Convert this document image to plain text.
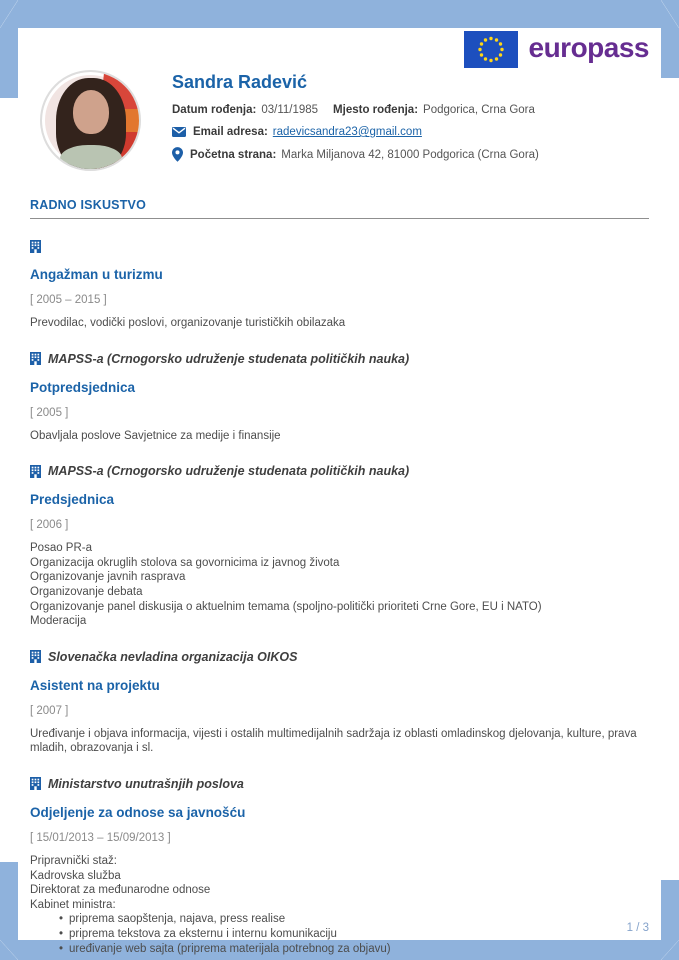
europass
Sandra Radević
Datum rođenja: 03/11/1985 Mjesto rođenja: Podgorica, Crna Gora
Email adresa: radevicsandra23@gmail.com
Početna strana: Marka Miljanova 42, 81000 Podgorica (Crna Gora)
RADNO ISKUSTVO
Angažman u turizmu
[ 2005 – 2015 ]
Prevodilac, vodički poslovi, organizovanje turističkih obilazaka
MAPSS-a (Crnogorsko udruženje studenata političkih nauka)
Potpredsjednica
[ 2005 ]
Obavljala poslove Savjetnice za medije i finansije
MAPSS-a (Crnogorsko udruženje studenata političkih nauka)
Predsjednica
[ 2006 ]
Posao PR-a
Organizacija okruglih stolova sa govornicima iz javnog života
Organizovanje javnih rasprava
Organizovanje debata
Organizovanje panel diskusija o aktuelnim temama (spoljno-politički prioriteti Crne Gore, EU i NATO)
Moderacija
Slovenačka nevladina organizacija OIKOS
Asistent na projektu
[ 2007 ]
Uređivanje i objava informacija, vijesti i ostalih multimedijalnih sadržaja iz oblasti omladinskog djelovanja, kulture, prava mladih, obrazovanja i sl.
Ministarstvo unutrašnjih poslova
Odjeljenje za odnose sa javnošću
[ 15/01/2013 – 15/09/2013 ]
Pripravnički staž:
Kadrovska služba
Direktorat za međunarodne odnose
Kabinet ministra:
• priprema saopštenja, najava, press realise
• priprema tekstova za eksternu i internu komunikaciju
• uređivanje web sajta (priprema materijala potrebnog za objavu)
1 / 3
